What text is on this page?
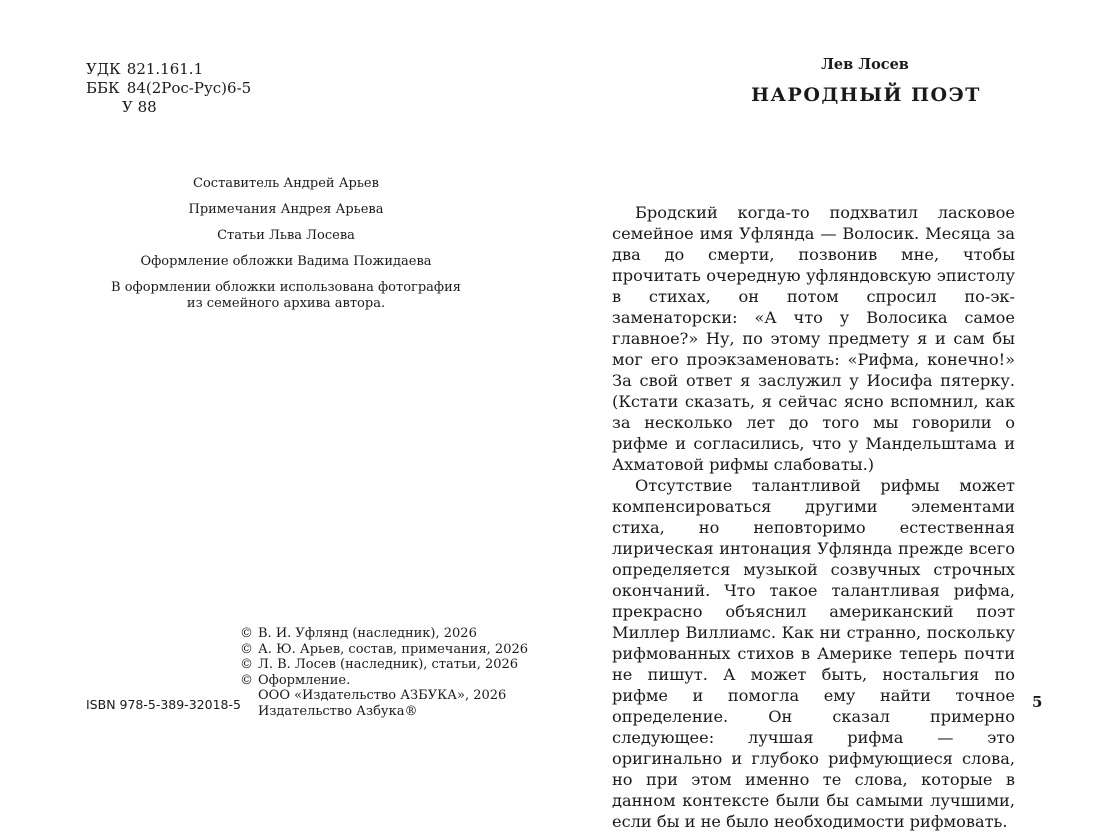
УДК 821.161.1
ББК 84(2Рос-Рус)6-5
У 88
Составитель Андрей Арьев
Примечания Андрея Арьева
Статьи Льва Лосева
Оформление обложки Вадима Пожидаева
В оформлении обложки использована фотография
из семейного архива автора.
© В. И. Уфлянд (наследник), 2026
© А. Ю. Арьев, состав, примечания, 2026
© Л. В. Лосев (наследник), статьи, 2026
© Оформление.
ООО «Издательство АЗБУКА», 2026
Издательство Азбука®
ISBN 978-5-389-32018-5
Лев Лосев
НАРОДНЫЙ ПОЭТ

Бродский когда-то подхватил ласковое семейное имя Уфлянда — Волосик. Месяца за два до смерти, позвонив мне, чтобы прочитать очередную уфляндовскую эпистолу в стихах, он потом спросил по-экзаменаторски: «А что у Волосика самое главное?» Ну, по этому предмету я и сам бы мог его проэкзаменовать: «Рифма, конечно!» За свой ответ я заслужил у Иосифа пятерку. (Кстати сказать, я сейчас ясно вспомнил, как за несколько лет до того мы говорили о рифме и согласились, что у Мандельштама и Ахматовой рифмы слабоваты.)

Отсутствие талантливой рифмы может компенсироваться другими элементами стиха, но неповторимо естественная лирическая интонация Уфлянда прежде всего определяется музыкой созвучных строчных окончаний. Что такое талантливая рифма, прекрасно объяснил американский поэт Миллер Виллиамс. Как ни странно, поскольку рифмованных стихов в Америке теперь почти не пишут. А может быть, ностальгия по рифме и помогла ему найти точное определение. Он сказал примерно следующее: лучшая рифма — это оригинально и глубоко рифмующиеся слова, но при этом именно те слова, которые в данном контексте были бы самыми лучшими, если бы и не было необходимости рифмовать.

5
